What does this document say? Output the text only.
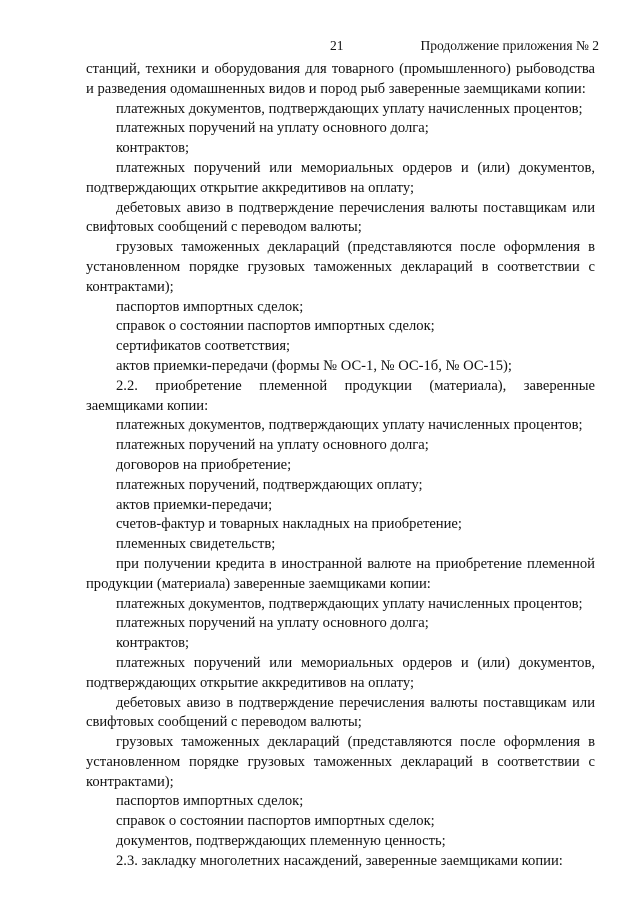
21	Продолжение приложения № 2

станций, техники и оборудования для товарного (промышленного) рыбоводства и разведения одомашненных видов и пород рыб заверенные заемщиками копии:

платежных документов, подтверждающих уплату начисленных процентов;

платежных поручений на уплату основного долга;

контрактов;

платежных поручений или мемориальных ордеров и (или) документов, подтверждающих открытие аккредитивов на оплату;

дебетовых авизо в подтверждение перечисления валюты поставщикам или свифтовых сообщений с переводом валюты;

грузовых таможенных деклараций (представляются после оформления в установленном порядке грузовых таможенных деклараций в соответствии с контрактами);

паспортов импортных сделок;

справок о состоянии паспортов импортных сделок;

сертификатов соответствия;

актов приемки-передачи (формы № ОС-1, № ОС-1б, № ОС-15);

2.2. приобретение племенной продукции (материала), заверенные заемщиками копии:

платежных документов, подтверждающих уплату начисленных процентов;

платежных поручений на уплату основного долга;

договоров на приобретение;

платежных поручений, подтверждающих оплату;

актов приемки-передачи;

счетов-фактур и товарных накладных на приобретение;

племенных свидетельств;

при получении кредита в иностранной валюте на приобретение племенной продукции (материала) заверенные заемщиками копии:

платежных документов, подтверждающих уплату начисленных процентов;

платежных поручений на уплату основного долга;

контрактов;

платежных поручений или мемориальных ордеров и (или) документов, подтверждающих открытие аккредитивов на оплату;

дебетовых авизо в подтверждение перечисления валюты поставщикам или свифтовых сообщений с переводом валюты;

грузовых таможенных деклараций (представляются после оформления в установленном порядке грузовых таможенных деклараций в соответствии с контрактами);

паспортов импортных сделок;

справок о состоянии паспортов импортных сделок;

документов, подтверждающих племенную ценность;

2.3. закладку многолетних насаждений, заверенные заемщиками копии:
